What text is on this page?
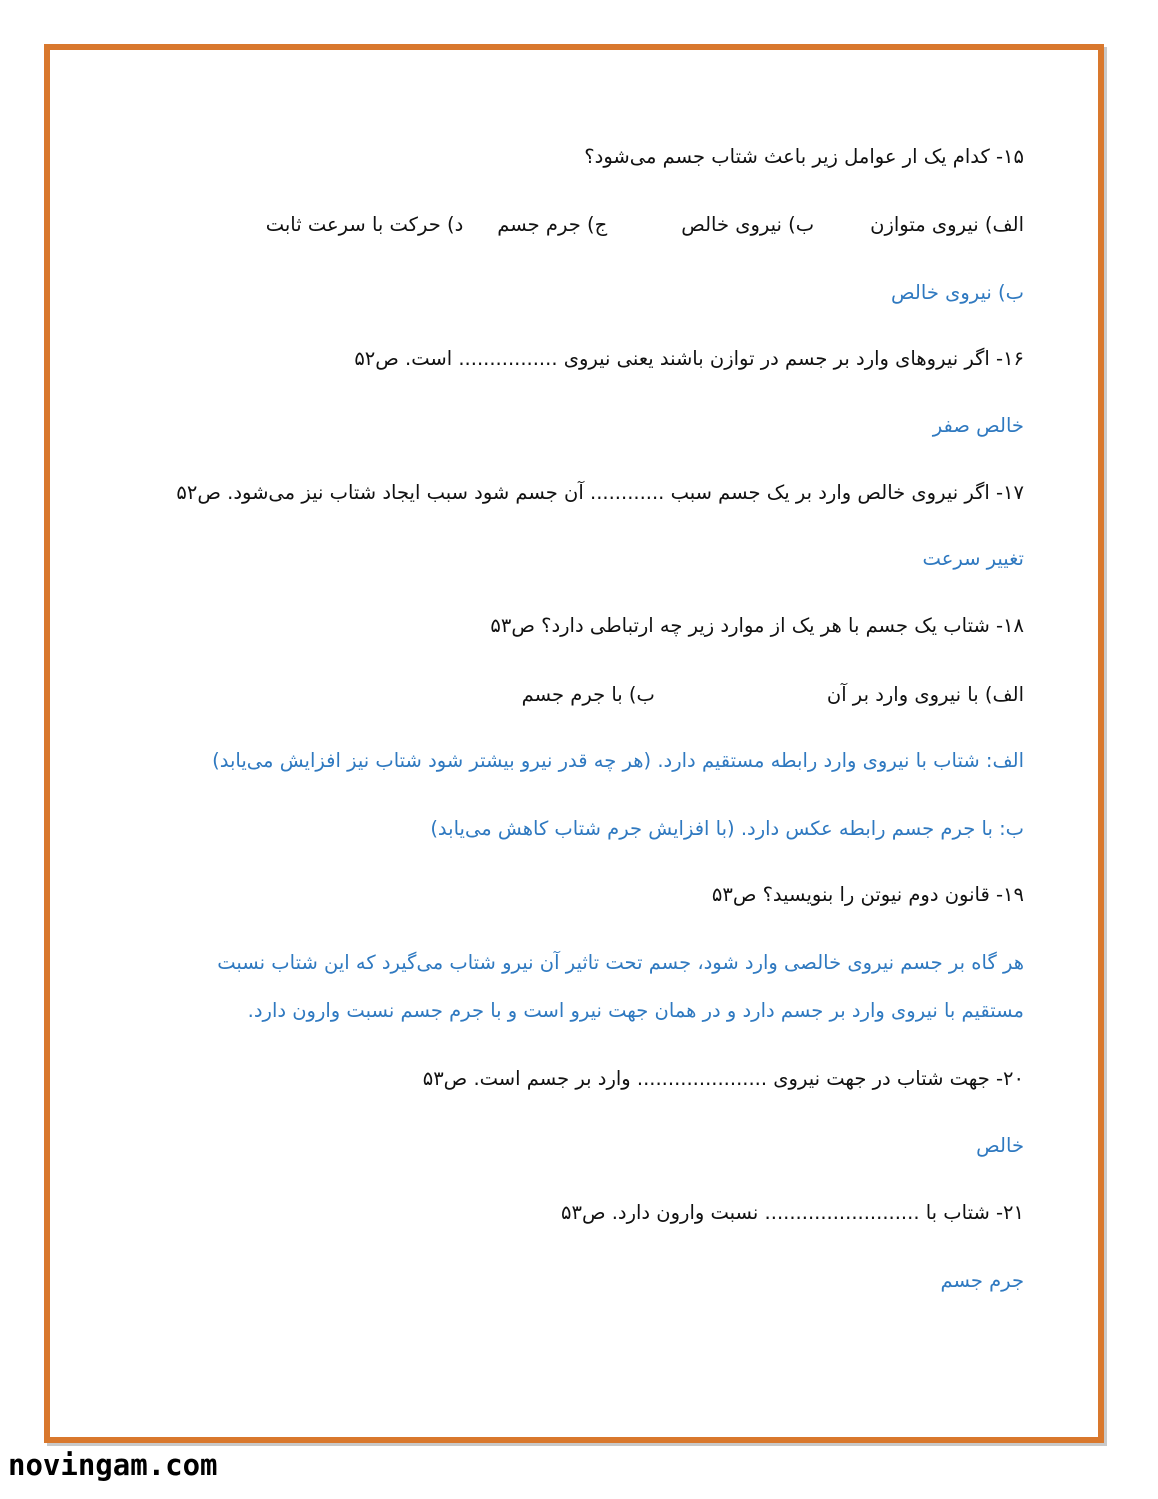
۱۵- کدام یک ار عوامل زیر باعث شتاب جسم می‌شود؟
الف) نیروی متوازنب) نیروی خالصج) جرم جسمد) حرکت با سرعت ثابت
ب) نیروی خالص
۱۶- اگر نیروهای وارد بر جسم در توازن باشند یعنی نیروی ................ است. ص۵۲
خالص صفر
۱۷- اگر نیروی خالص وارد بر یک جسم سبب ............ آن جسم شود سبب ایجاد شتاب نیز می‌شود. ص۵۲
تغییر سرعت
۱۸- شتاب یک جسم با هر یک از موارد زیر چه ارتباطی دارد؟ ص۵۳
الف) با نیروی وارد بر آنب) با جرم جسم
الف: شتاب با نیروی وارد رابطه مستقیم دارد. (هر چه قدر نیرو بیشتر شود شتاب نیز افزایش می‌یابد)
ب: با جرم جسم رابطه عکس دارد. (با افزایش جرم شتاب کاهش می‌یابد)
۱۹- قانون دوم نیوتن را بنویسید؟ ص۵۳
هر گاه بر جسم نیروی خالصی وارد شود، جسم تحت تاثیر آن نیرو شتاب می‌گیرد که این شتاب نسبت
مستقیم با نیروی وارد بر جسم دارد و در همان جهت نیرو است و با جرم جسم نسبت وارون دارد.
۲۰- جهت شتاب در جهت نیروی ..................... وارد بر جسم است. ص۵۳
خالص
۲۱- شتاب با ......................... نسبت وارون دارد. ص۵۳
جرم جسم
novingam.com
